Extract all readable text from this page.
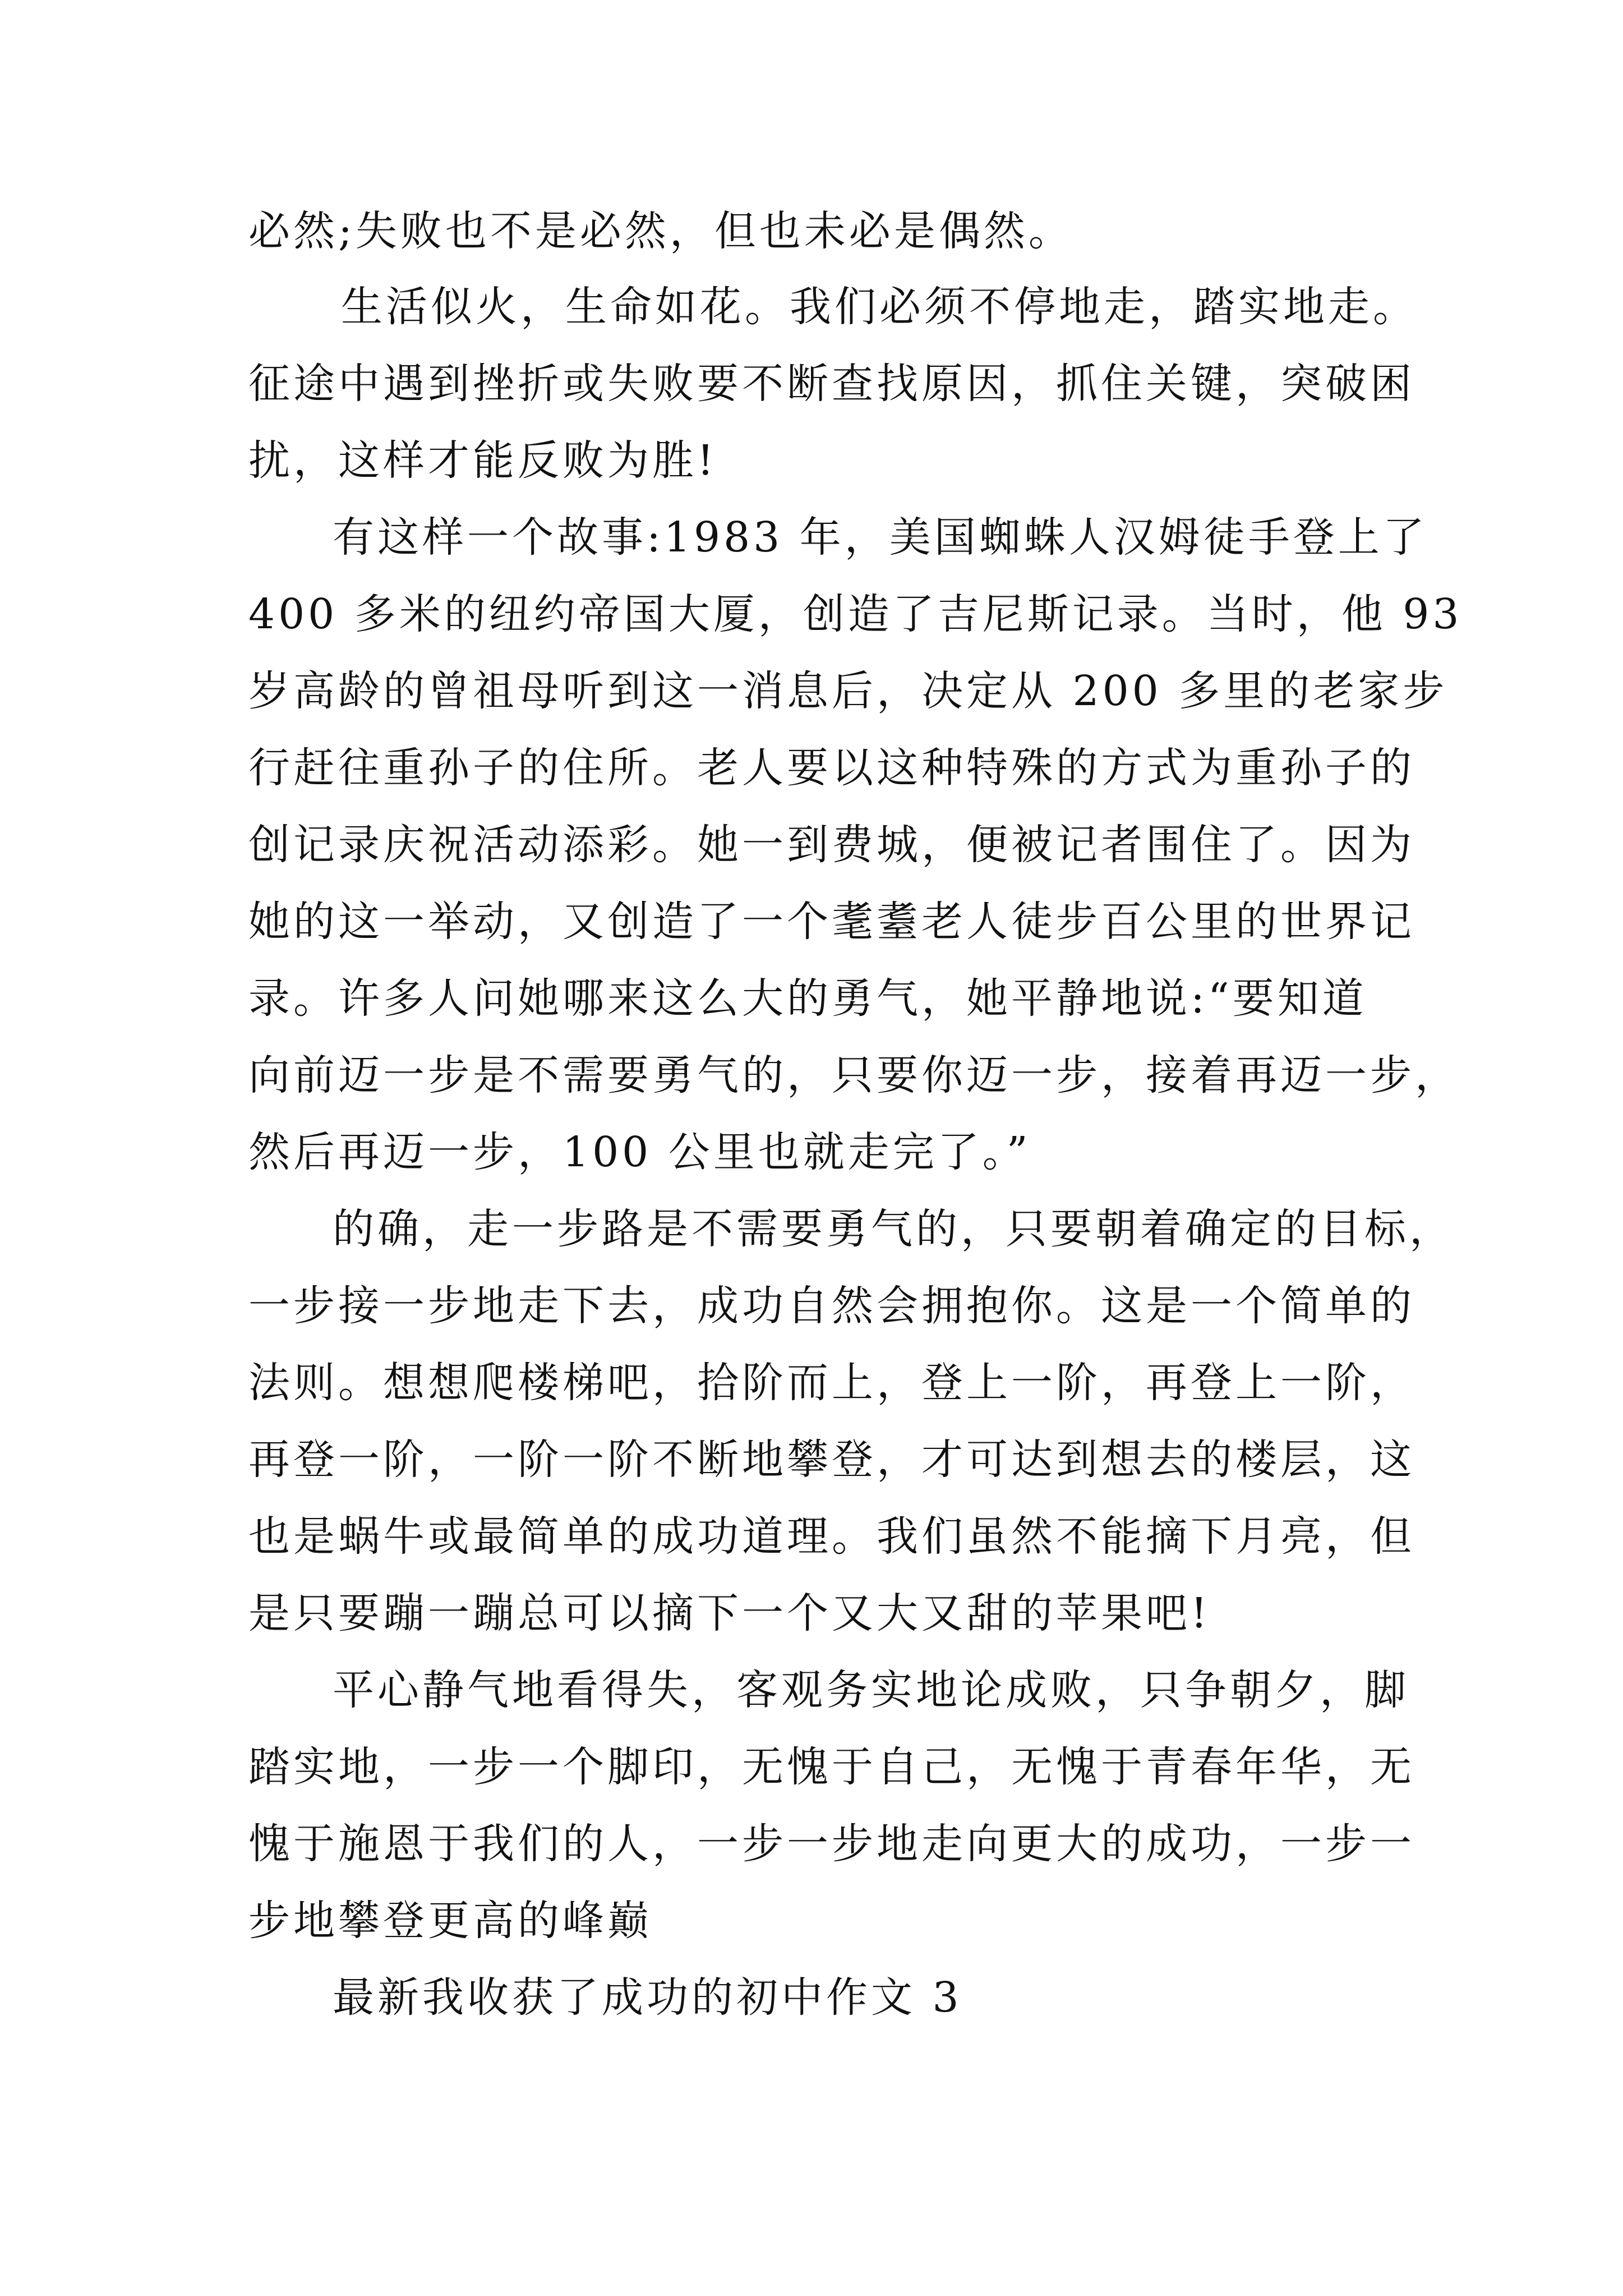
必然;失败也不是必然，但也未必是偶然。
生活似火，生命如花。我们必须不停地走，踏实地走。
征途中遇到挫折或失败要不断查找原因，抓住关键，突破困
扰，这样才能反败为胜!
有这样一个故事:1983 年，美国蜘蛛人汉姆徒手登上了
400 多米的纽约帝国大厦，创造了吉尼斯记录。当时，他 93
岁高龄的曾祖母听到这一消息后，决定从 200 多里的老家步
行赶往重孙子的住所。老人要以这种特殊的方式为重孙子的
创记录庆祝活动添彩。她一到费城，便被记者围住了。因为
她的这一举动，又创造了一个耄耋老人徒步百公里的世界记
录。许多人问她哪来这么大的勇气，她平静地说:“要知道
向前迈一步是不需要勇气的，只要你迈一步，接着再迈一步，
然后再迈一步，100 公里也就走完了。”
的确，走一步路是不需要勇气的，只要朝着确定的目标，
一步接一步地走下去，成功自然会拥抱你。这是一个简单的
法则。想想爬楼梯吧，拾阶而上，登上一阶，再登上一阶，
再登一阶，一阶一阶不断地攀登，才可达到想去的楼层，这
也是蜗牛或最简单的成功道理。我们虽然不能摘下月亮，但
是只要蹦一蹦总可以摘下一个又大又甜的苹果吧!
平心静气地看得失，客观务实地论成败，只争朝夕，脚
踏实地，一步一个脚印，无愧于自己，无愧于青春年华，无
愧于施恩于我们的人，一步一步地走向更大的成功，一步一
步地攀登更高的峰巅
最新我收获了成功的初中作文 3
